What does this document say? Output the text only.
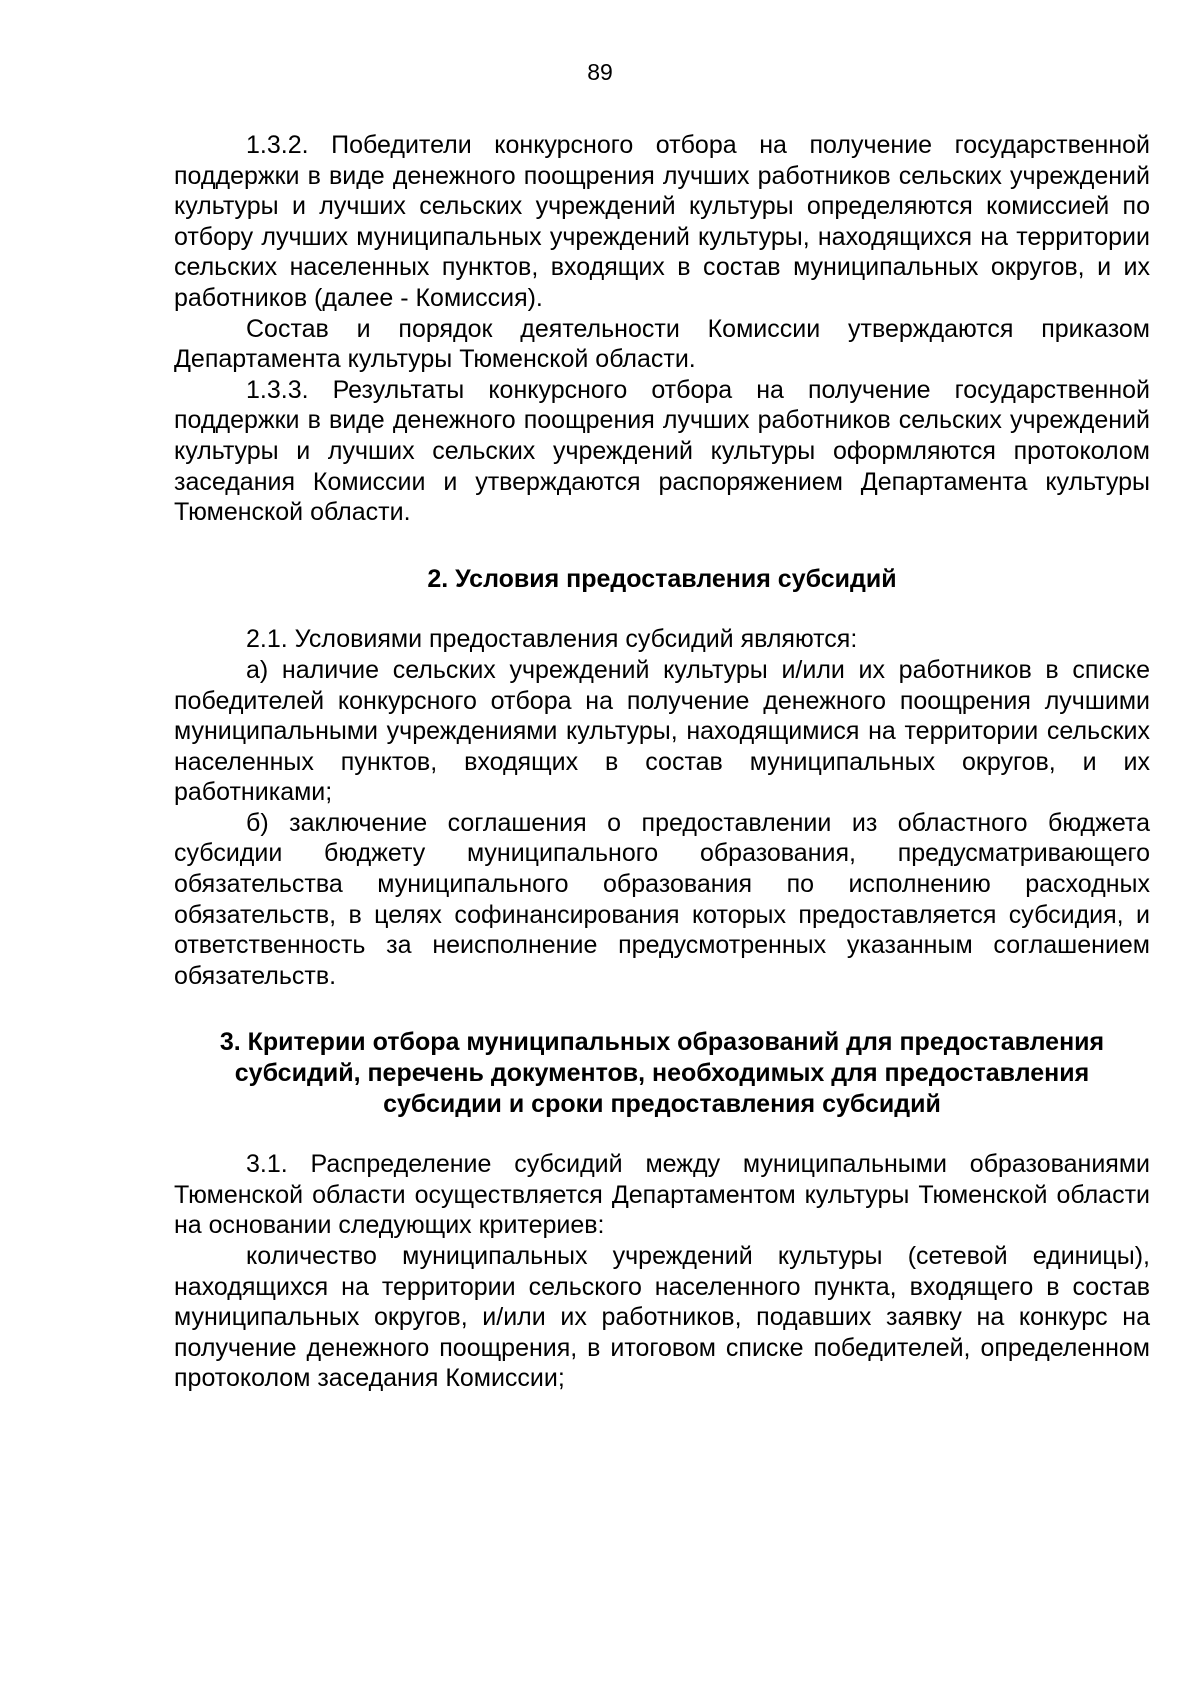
89

1.3.2. Победители конкурсного отбора на получение государственной поддержки в виде денежного поощрения лучших работников сельских учреждений культуры и лучших сельских учреждений культуры определяются комиссией по отбору лучших муниципальных учреждений культуры, находящихся на территории сельских населенных пунктов, входящих в состав муниципальных округов, и их работников (далее - Комиссия).

Состав и порядок деятельности Комиссии утверждаются приказом Департамента культуры Тюменской области.

1.3.3. Результаты конкурсного отбора на получение государственной поддержки в виде денежного поощрения лучших работников сельских учреждений культуры и лучших сельских учреждений культуры оформляются протоколом заседания Комиссии и утверждаются распоряжением Департамента культуры Тюменской области.

2. Условия предоставления субсидий

2.1. Условиями предоставления субсидий являются:

а) наличие сельских учреждений культуры и/или их работников в списке победителей конкурсного отбора на получение денежного поощрения лучшими муниципальными учреждениями культуры, находящимися на территории сельских населенных пунктов, входящих в состав муниципальных округов, и их работниками;

б) заключение соглашения о предоставлении из областного бюджета субсидии бюджету муниципального образования, предусматривающего обязательства муниципального образования по исполнению расходных обязательств, в целях софинансирования которых предоставляется субсидия, и ответственность за неисполнение предусмотренных указанным соглашением обязательств.

3. Критерии отбора муниципальных образований для предоставления субсидий, перечень документов, необходимых для предоставления субсидии и сроки предоставления субсидий

3.1. Распределение субсидий между муниципальными образованиями Тюменской области осуществляется Департаментом культуры Тюменской области на основании следующих критериев:

количество муниципальных учреждений культуры (сетевой единицы), находящихся на территории сельского населенного пункта, входящего в состав муниципальных округов, и/или их работников, подавших заявку на конкурс на получение денежного поощрения, в итоговом списке победителей, определенном протоколом заседания Комиссии;
